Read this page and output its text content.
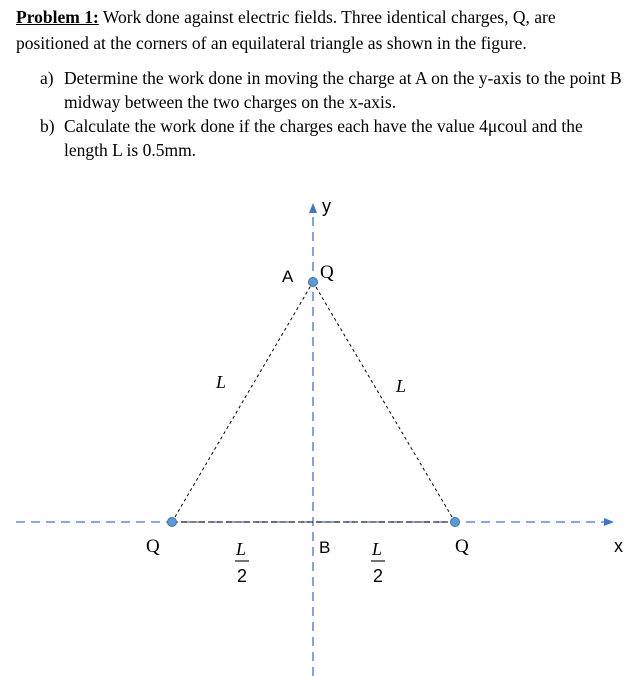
Problem 1: Work done against electric fields. Three identical charges, Q, are positioned at the corners of an equilateral triangle as shown in the figure.
a) Determine the work done in moving the charge at A on the y-axis to the point B midway between the two charges on the x-axis.
b) Calculate the work done if the charges each have the value 4μcoul and the length L is 0.5mm.
y
x
A Q
Q	Q
B
L	L
L
2
L
2
